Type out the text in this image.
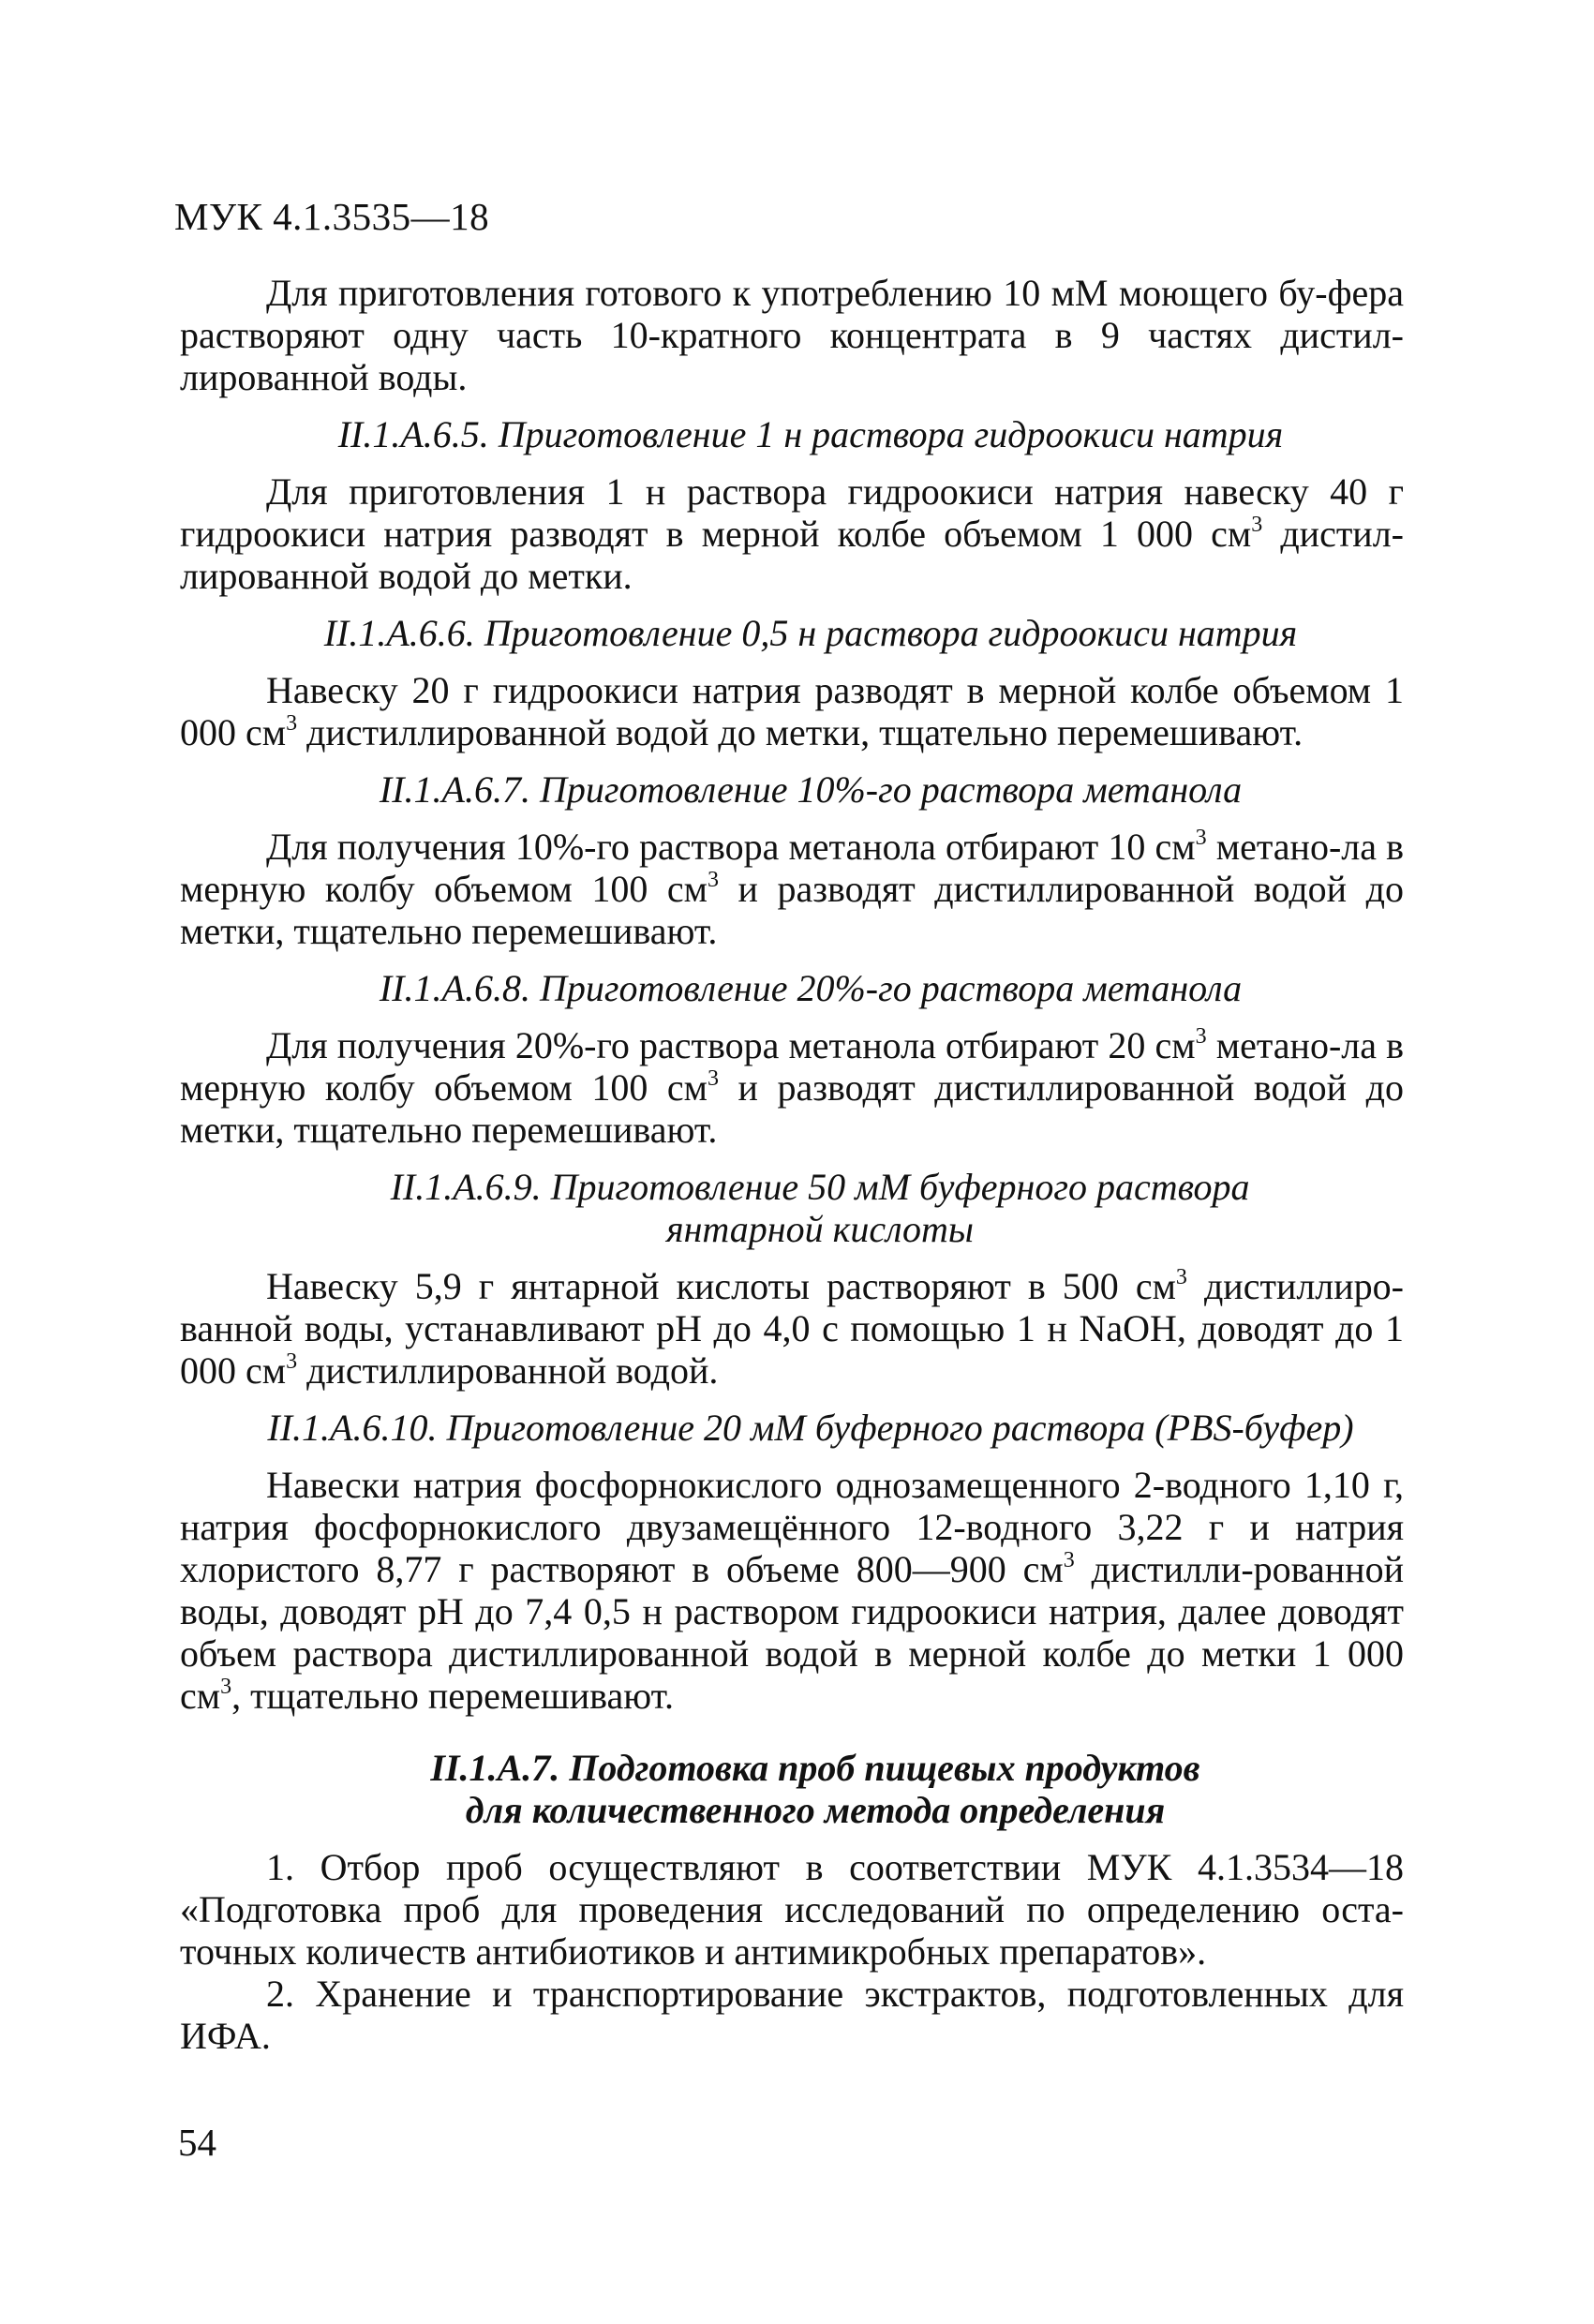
МУК 4.1.3535—18

Для приготовления готового к употреблению 10 мМ моющего бу-фера растворяют одну часть 10-кратного концентрата в 9 частях дистил-лированной воды.

II.1.A.6.5. Приготовление 1 н раствора гидроокиси натрия

Для приготовления 1 н раствора гидроокиси натрия навеску 40 г гидроокиси натрия разводят в мерной колбе объемом 1 000 $см^3$ дистил-лированной водой до метки.

II.1.A.6.6. Приготовление 0,5 н раствора гидроокиси натрия

Навеску 20 г гидроокиси натрия разводят в мерной колбе объемом 1 000 $см^3$ дистиллированной водой до метки, тщательно перемешивают.

II.1.A.6.7. Приготовление 10%-го раствора метанола

Для получения 10%-го раствора метанола отбирают 10 $см^3$ метано-ла в мерную колбу объемом 100 $см^3$ и разводят дистиллированной водой до метки, тщательно перемешивают.

II.1.A.6.8. Приготовление 20%-го раствора метанола

Для получения 20%-го раствора метанола отбирают 20 $см^3$ метано-ла в мерную колбу объемом 100 $см^3$ и разводят дистиллированной водой до метки, тщательно перемешивают.

II.1.A.6.9. Приготовление 50 мМ буферного раствора

янтарной кислоты

Навеску 5,9 г янтарной кислоты растворяют в 500 $см^3$ дистиллиро-ванной воды, устанавливают pH до 4,0 с помощью 1 н NaOH, доводят до 1 000 $см^3$ дистиллированной водой.

II.1.A.6.10. Приготовление 20 мМ буферного раствора (PBS-буфер)

Навески натрия фосфорнокислого однозамещенного 2-водного 1,10 г, натрия фосфорнокислого двузамещённого 12-водного 3,22 г и натрия хлористого 8,77 г растворяют в объеме 800—900 $см^3$ дистилли-рованной воды, доводят pH до 7,4 0,5 н раствором гидроокиси натрия, далее доводят объем раствора дистиллированной водой в мерной колбе до метки 1 000 $см^3$, тщательно перемешивают.

II.1.A.7. Подготовка проб пищевых продуктов

для количественного метода определения

1. Отбор проб осуществляют в соответствии МУК 4.1.3534—18 «Подготовка проб для проведения исследований по определению оста-точных количеств антибиотиков и антимикробных препаратов».

2. Хранение и транспортирование экстрактов, подготовленных для ИФА.

54
